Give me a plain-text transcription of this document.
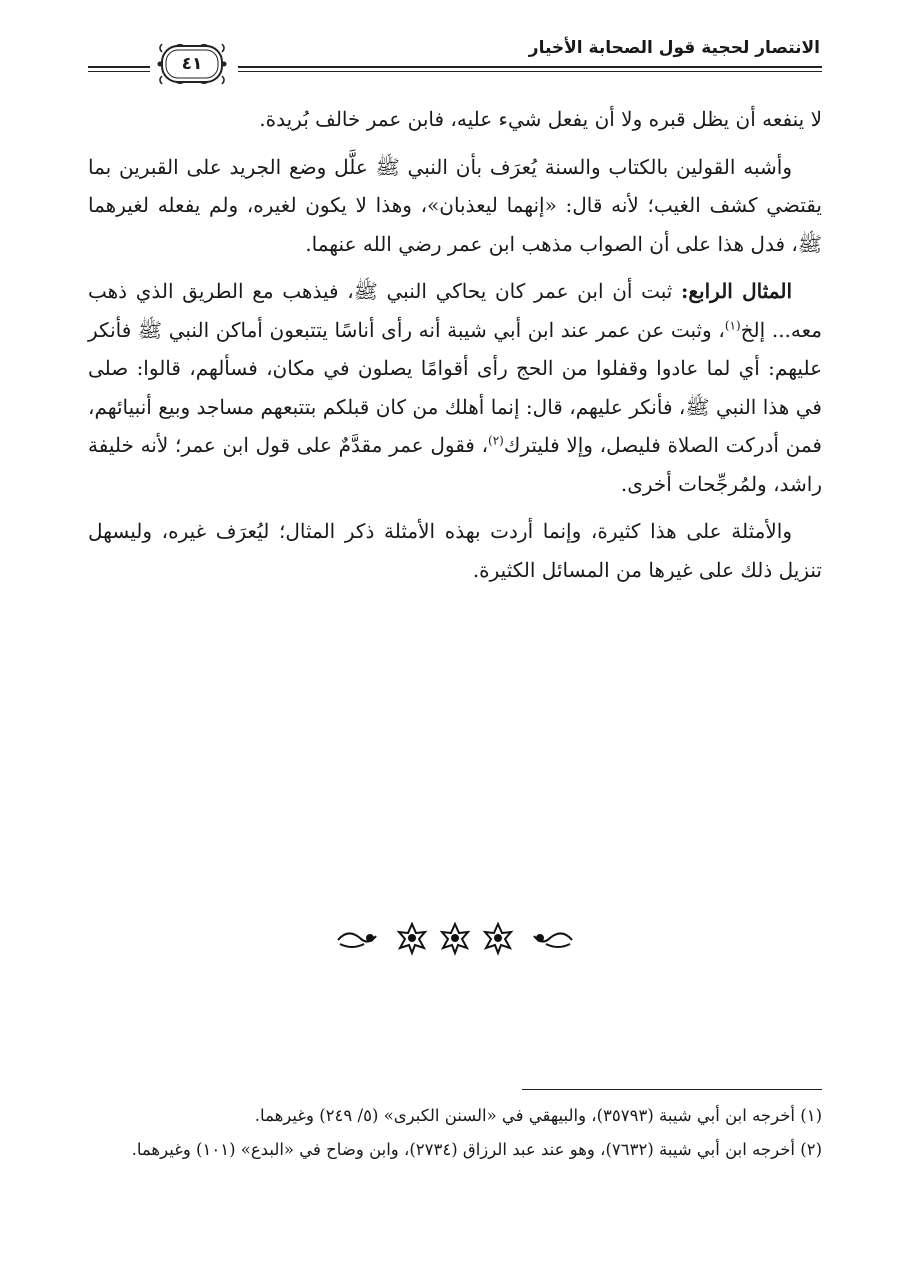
الانتصار لحجية قول الصحابة الأخيار
٤١

لا ينفعه أن يظل قبره ولا أن يفعل شيء عليه، فابن عمر خالف بُريدة.

وأشبه القولين بالكتاب والسنة يُعرَف بأن النبي ﷺ علَّل وضع الجريد على القبرين بما يقتضي كشف الغيب؛ لأنه قال: «إنهما ليعذبان»، وهذا لا يكون لغيره، ولم يفعله لغيرهما ﷺ، فدل هذا على أن الصواب مذهب ابن عمر رضي الله عنهما.

المثال الرابع: ثبت أن ابن عمر كان يحاكي النبي ﷺ، فيذهب مع الطريق الذي ذهب معه... إلخ$^{(١)}$، وثبت عن عمر عند ابن أبي شيبة أنه رأى أناسًا يتتبعون أماكن النبي ﷺ فأنكر عليهم: أي لما عادوا وقفلوا من الحج رأى أقوامًا يصلون في مكان، فسألهم، قالوا: صلى في هذا النبي ﷺ، فأنكر عليهم، قال: إنما أهلك من كان قبلكم بتتبعهم مساجد وبيع أنبيائهم، فمن أدركت الصلاة فليصل، وإلا فليترك$^{(٢)}$، فقول عمر مقدَّمٌ على قول ابن عمر؛ لأنه خليفة راشد، ولمُرجِّحات أخرى.

والأمثلة على هذا كثيرة، وإنما أردت بهذه الأمثلة ذكر المثال؛ ليُعرَف غيره، وليسهل تنزيل ذلك على غيرها من المسائل الكثيرة.

(١) أخرجه ابن أبي شيبة (٣٥٧٩٣)، والبيهقي في «السنن الكبرى» (٥/ ٢٤٩) وغيرهما.

(٢) أخرجه ابن أبي شيبة (٧٦٣٢)، وهو عند عبد الرزاق (٢٧٣٤)، وابن وضاح في «البدع» (١٠١) وغيرهما.
